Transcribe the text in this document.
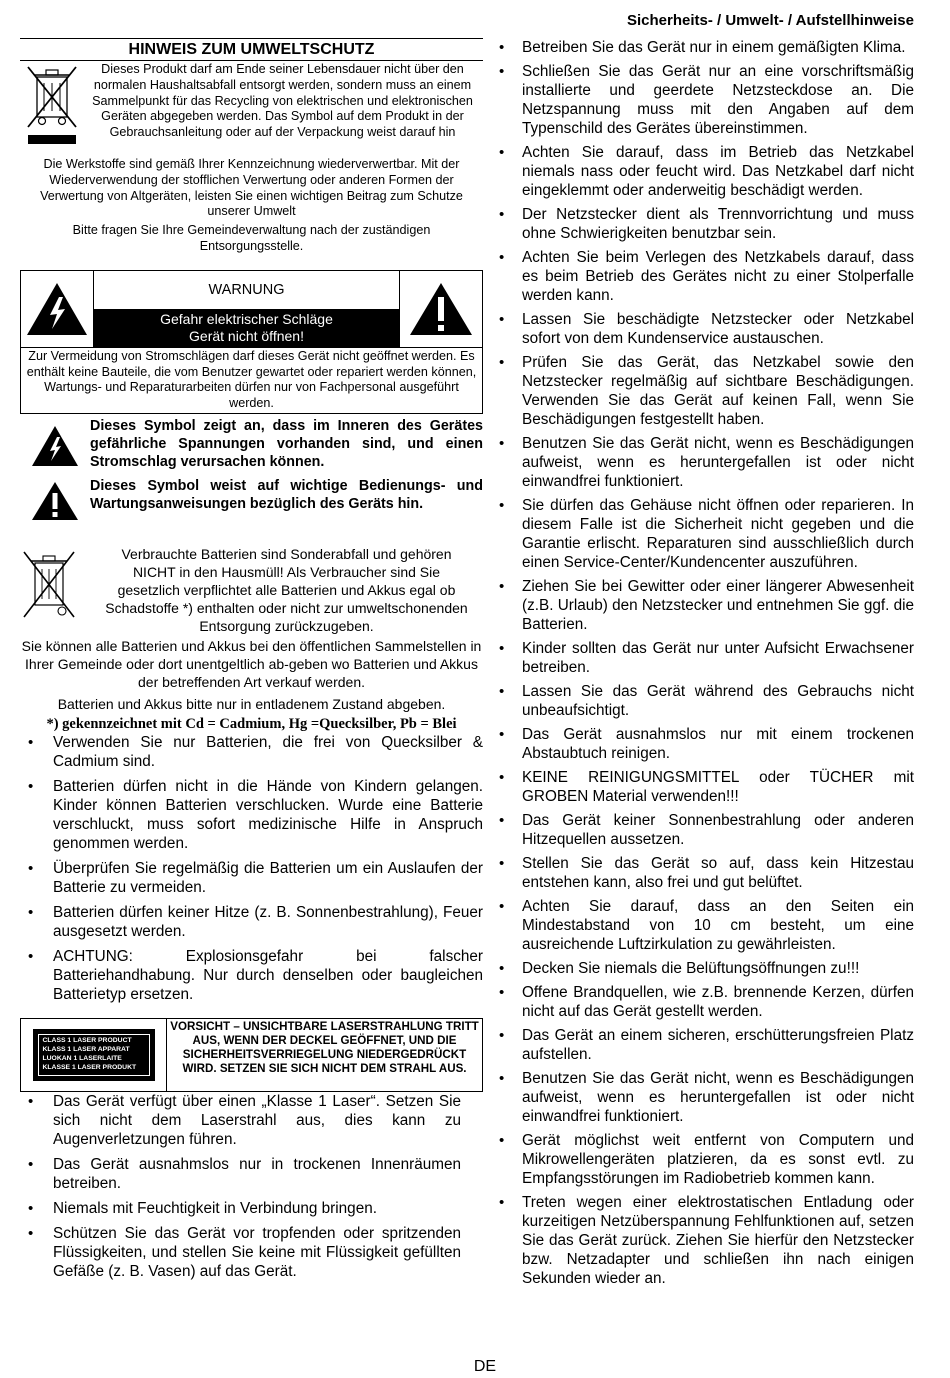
Sicherheits- / Umwelt- / Aufstellhinweise
HINWEIS ZUM UMWELTSCHUTZ

Dieses Produkt darf am Ende seiner Lebensdauer nicht über den normalen Haushaltsabfall entsorgt werden, sondern muss an einem Sammelpunkt für das Recycling von elektrischen und elektronischen Geräten abgegeben werden. Das Symbol auf dem Produkt in der Gebrauchsanleitung oder auf der Verpackung weist darauf hin

Die Werkstoffe sind gemäß Ihrer Kennzeichnung wiederverwertbar. Mit der Wiederverwendung der stofflichen Verwertung oder anderen Formen der Verwertung von Altgeräten, leisten Sie einen wichtigen Beitrag zum Schutze unserer Umwelt

Bitte fragen Sie Ihre Gemeindeverwaltung nach der zuständigen Entsorgungsstelle.

WARNUNG
Gefahr elektrischer Schläge
Gerät nicht öffnen!
Zur Vermeidung von Stromschlägen darf dieses Gerät nicht geöffnet werden. Es enthält keine Bauteile, die vom Benutzer gewartet oder repariert werden können, Wartungs- und Reparaturarbeiten dürfen nur von Fachpersonal ausgeführt werden.
Dieses Symbol zeigt an, dass im Inneren des Gerätes gefährliche Spannungen vorhanden sind, und einen Stromschlag verursachen können.
Dieses Symbol weist auf wichtige Bedienungs- und Wartungsanweisungen bezüglich des Geräts hin.
Verbrauchte Batterien sind Sonderabfall und gehören NICHT in den Hausmüll! Als Verbraucher sind Sie gesetzlich verpflichtet alle Batterien und Akkus egal ob Schadstoffe *) enthalten oder nicht zur umweltschonenden Entsorgung zurückzugeben.
Sie können alle Batterien und Akkus bei den öffentlichen Sammelstellen in Ihrer Gemeinde oder dort unentgeltlich ab-geben wo Batterien und Akkus der betreffenden Art verkauf werden.
Batterien und Akkus bitte nur in entladenem Zustand abgeben.
*) gekennzeichnet mit Cd = Cadmium, Hg =Quecksilber, Pb = Blei
• Verwenden Sie nur Batterien, die frei von Quecksilber & Cadmium sind.
• Batterien dürfen nicht in die Hände von Kindern gelangen. Kinder können Batterien verschlucken. Wurde eine Batterie verschluckt, muss sofort medizinische Hilfe in Anspruch genommen werden.
• Überprüfen Sie regelmäßig die Batterien um ein Auslaufen der Batterie zu vermeiden.
• Batterien dürfen keiner Hitze (z. B. Sonnenbestrahlung), Feuer ausgesetzt werden.
• ACHTUNG: Explosionsgefahr bei falscher Batteriehandhabung. Nur durch denselben oder baugleichen Batterietyp ersetzen.
CLASS 1 LASER PRODUCT
KLASS 1 LASER APPARAT
LUOKAN 1 LASERLAITE
KLASSE 1 LASER PRODUKT
VORSICHT – UNSICHTBARE LASERSTRAHLUNG TRITT AUS, WENN DER DECKEL GEÖFFNET, UND DIE SICHERHEITSVERRIEGELUNG NIEDERGEDRÜCKT WIRD. SETZEN SIE SICH NICHT DEM STRAHL AUS.
• Das Gerät verfügt über einen „Klasse 1 Laser“. Setzen Sie sich nicht dem Laserstrahl aus, dies kann zu Augenverletzungen führen.
• Das Gerät ausnahmslos nur in trockenen Innenräumen betreiben.
• Niemals mit Feuchtigkeit in Verbindung bringen.
• Schützen Sie das Gerät vor tropfenden oder spritzenden Flüssigkeiten, und stellen Sie keine mit Flüssigkeit gefüllten Gefäße (z. B. Vasen) auf das Gerät.
• Betreiben Sie das Gerät nur in einem gemäßigten Klima.
• Schließen Sie das Gerät nur an eine vorschriftsmäßig installierte und geerdete Netzsteckdose an. Die Netzspannung muss mit den Angaben auf dem Typenschild des Gerätes übereinstimmen.
• Achten Sie darauf, dass im Betrieb das Netzkabel niemals nass oder feucht wird. Das Netzkabel darf nicht eingeklemmt oder anderweitig beschädigt werden.
• Der Netzstecker dient als Trennvorrichtung und muss ohne Schwierigkeiten benutzbar sein.
• Achten Sie beim Verlegen des Netzkabels darauf, dass es beim Betrieb des Gerätes nicht zu einer Stolperfalle werden kann.
• Lassen Sie beschädigte Netzstecker oder Netzkabel sofort von dem Kundenservice austauschen.
• Prüfen Sie das Gerät, das Netzkabel sowie den Netzstecker regelmäßig auf sichtbare Beschädigungen. Verwenden Sie das Gerät auf keinen Fall, wenn Sie Beschädigungen festgestellt haben.
• Benutzen Sie das Gerät nicht, wenn es Beschädigungen aufweist, wenn es heruntergefallen ist oder nicht einwandfrei funktioniert.
• Sie dürfen das Gehäuse nicht öffnen oder reparieren. In diesem Falle ist die Sicherheit nicht gegeben und die Garantie erlischt. Reparaturen sind ausschließlich durch einen Service-Center/Kundencenter auszuführen.
• Ziehen Sie bei Gewitter oder einer längerer Abwesenheit (z.B. Urlaub) den Netzstecker und entnehmen Sie ggf. die Batterien.
• Kinder sollten das Gerät nur unter Aufsicht Erwachsener betreiben.
• Lassen Sie das Gerät während des Gebrauchs nicht unbeaufsichtigt.
• Das Gerät ausnahmslos nur mit einem trockenen Abstaubtuch reinigen.
• KEINE REINIGUNGSMITTEL oder TÜCHER mit GROBEN Material verwenden!!!
• Das Gerät keiner Sonnenbestrahlung oder anderen Hitzequellen aussetzen.
• Stellen Sie das Gerät so auf, dass kein Hitzestau entstehen kann, also frei und gut belüftet.
• Achten Sie darauf, dass an den Seiten ein Mindestabstand von 10 cm besteht, um eine ausreichende Luftzirkulation zu gewährleisten.
• Decken Sie niemals die Belüftungsöffnungen zu!!!
• Offene Brandquellen, wie z.B. brennende Kerzen, dürfen nicht auf das Gerät gestellt werden.
• Das Gerät an einem sicheren, erschütterungsfreien Platz aufstellen.
• Benutzen Sie das Gerät nicht, wenn es Beschädigungen aufweist, wenn es heruntergefallen ist oder nicht einwandfrei funktioniert.
• Gerät möglichst weit entfernt von Computern und Mikrowellengeräten platzieren, da es sonst evtl. zu Empfangsstörungen im Radiobetrieb kommen kann.
• Treten wegen einer elektrostatischen Entladung oder kurzeitigen Netzüberspannung Fehlfunktionen auf, setzen Sie das Gerät zurück. Ziehen Sie hierfür den Netzstecker bzw. Netzadapter und schließen ihn nach einigen Sekunden wieder an.
DE
